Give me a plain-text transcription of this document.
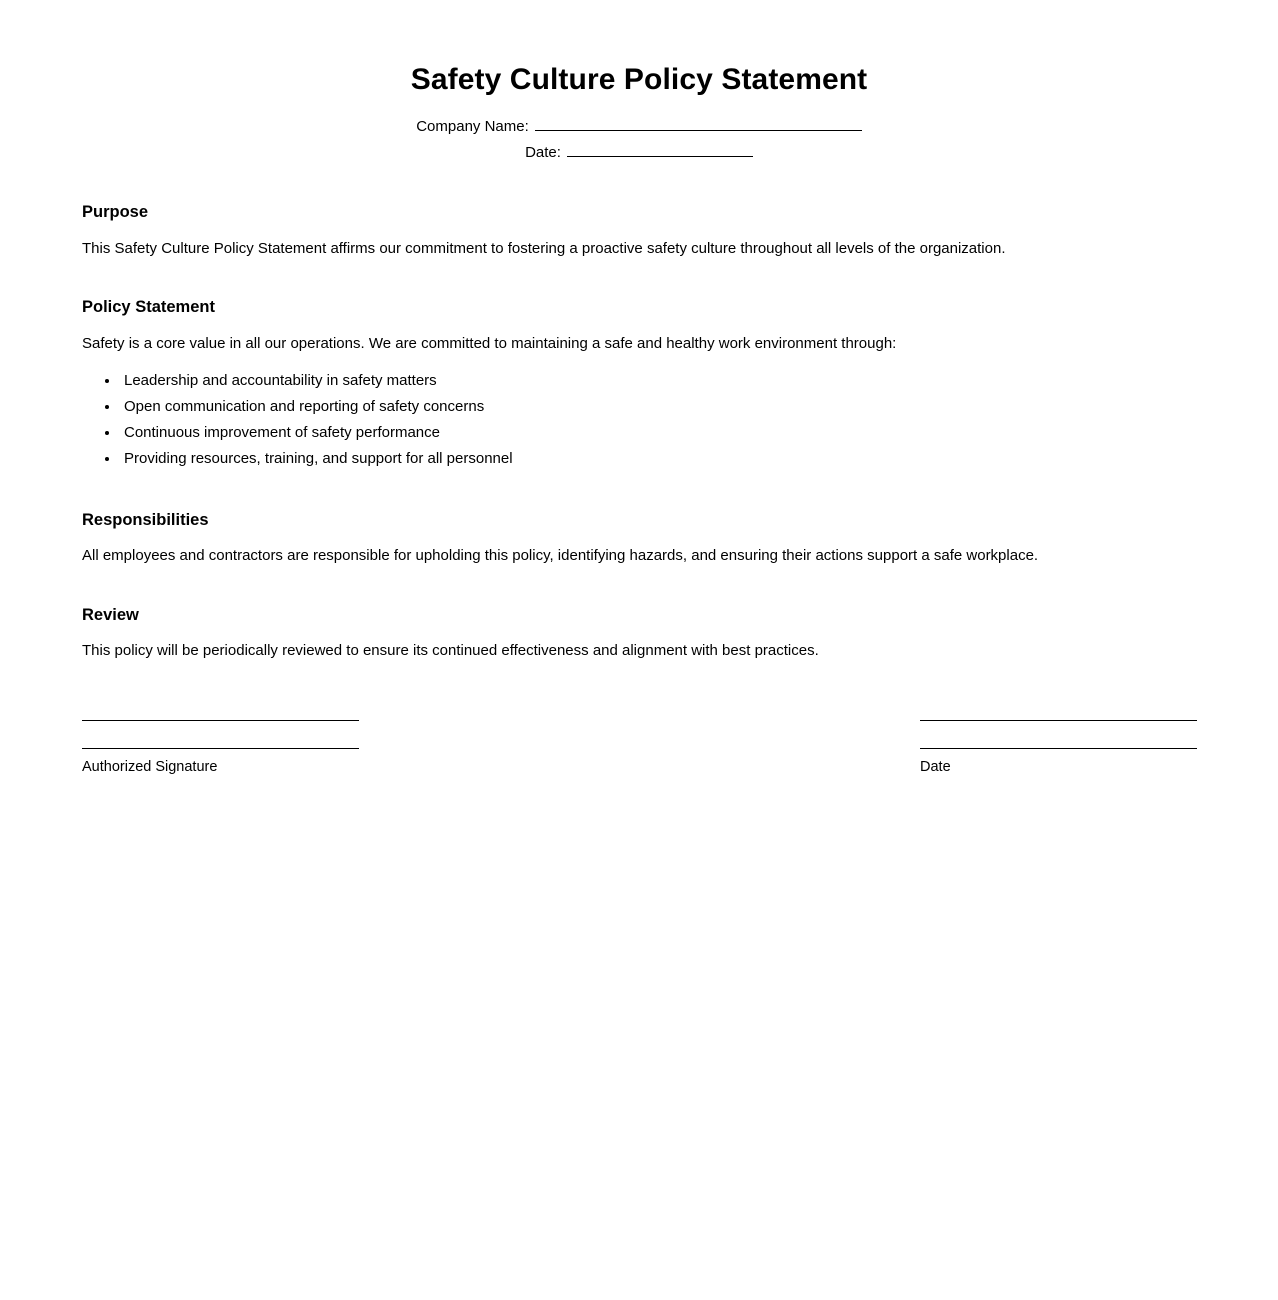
Safety Culture Policy Statement
Company Name:
Date:
Purpose

This Safety Culture Policy Statement affirms our commitment to fostering a proactive safety culture throughout all levels of the organization.

Policy Statement

Safety is a core value in all our operations. We are committed to maintaining a safe and healthy work environment through:

• Leadership and accountability in safety matters
• Open communication and reporting of safety concerns
• Continuous improvement of safety performance
• Providing resources, training, and support for all personnel
Responsibilities

All employees and contractors are responsible for upholding this policy, identifying hazards, and ensuring their actions support a safe workplace.

Review

This policy will be periodically reviewed to ensure its continued effectiveness and alignment with best practices.

Authorized Signature	Date
